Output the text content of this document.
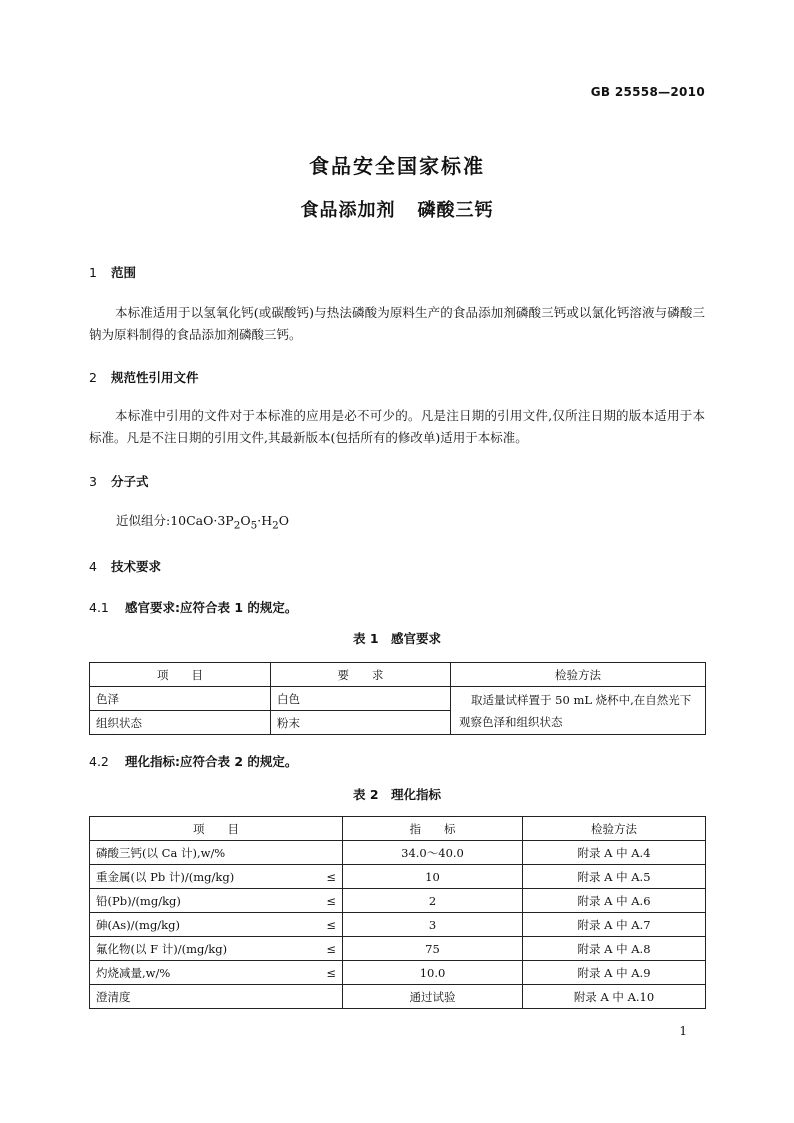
GB 25558—2010
食品安全国家标准
食品添加剂 磷酸三钙
1 范围
本标准适用于以氢氧化钙(或碳酸钙)与热法磷酸为原料生产的食品添加剂磷酸三钙或以氯化钙溶液与磷酸三钠为原料制得的食品添加剂磷酸三钙。
2 规范性引用文件
本标准中引用的文件对于本标准的应用是必不可少的。凡是注日期的引用文件,仅所注日期的版本适用于本标准。凡是不注日期的引用文件,其最新版本(包括所有的修改单)适用于本标准。
3 分子式
近似组分$:10CaO\cdot 3P_2O_5\cdot H_2O$
4 技术要求
4.1 感官要求:应符合表 1 的规定。
表 1　感官要求
项　　目	要　　求	检验方法
色泽	白色	取适量试样置于 50 mL 烧杯中,在自然光下观察色泽和组织状态
组织状态	粉末	
4.2 理化指标:应符合表 2 的规定。
表 2　理化指标
项　　目	指　　标	检验方法

磷酸三钙(以 Ca 计),w/%	34.0～40.0	附录 A 中 A.4

重金属(以 Pb 计)/(mg/kg) ≤	10	附录 A 中 A.5

铅(Pb)/(mg/kg) ≤	2	附录 A 中 A.6

砷(As)/(mg/kg) ≤	3	附录 A 中 A.7

氟化物(以 F 计)/(mg/kg) ≤	75	附录 A 中 A.8

灼烧减量,w/% ≤	10.0	附录 A 中 A.9

澄清度	通过试验	附录 A 中 A.10
1
